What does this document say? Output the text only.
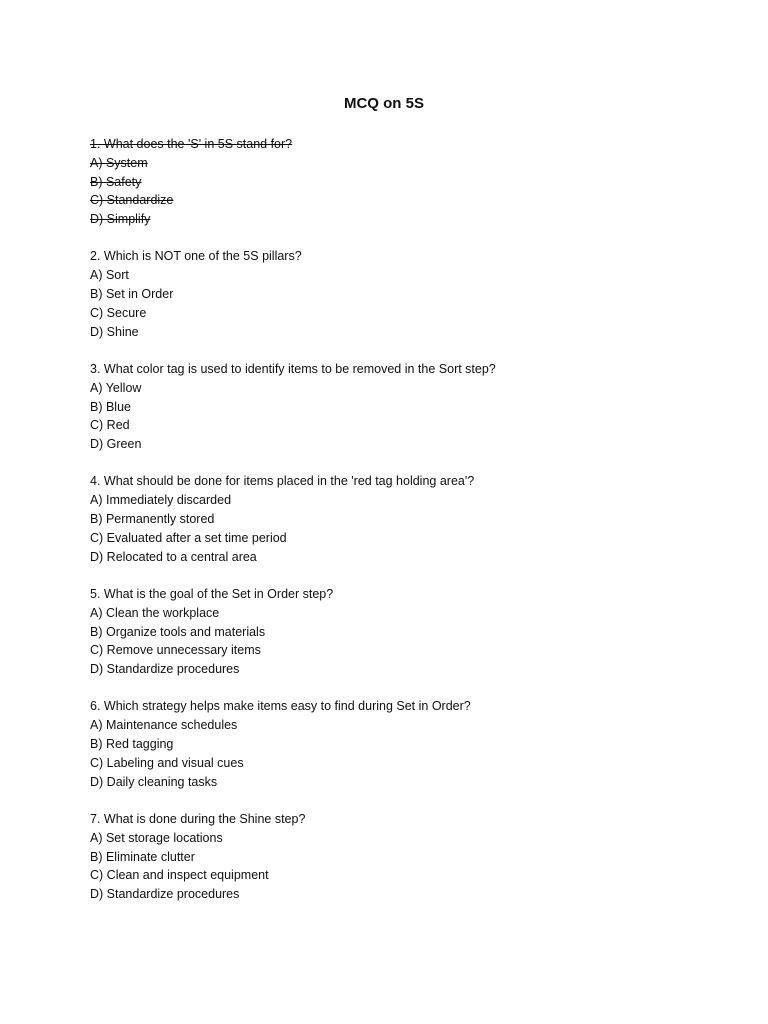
MCQ on 5S

1. What does the 'S' in 5S stand for?

A) System
B) Safety
C) Standardize
D) Simplify

2. Which is NOT one of the 5S pillars?

A) Sort
B) Set in Order
C) Secure
D) Shine

3. What color tag is used to identify items to be removed in the Sort step?

A) Yellow
B) Blue
C) Red
D) Green

4. What should be done for items placed in the 'red tag holding area'?

A) Immediately discarded
B) Permanently stored
C) Evaluated after a set time period
D) Relocated to a central area

5. What is the goal of the Set in Order step?

A) Clean the workplace
B) Organize tools and materials
C) Remove unnecessary items
D) Standardize procedures

6. Which strategy helps make items easy to find during Set in Order?

A) Maintenance schedules
B) Red tagging
C) Labeling and visual cues
D) Daily cleaning tasks

7. What is done during the Shine step?

A) Set storage locations
B) Eliminate clutter
C) Clean and inspect equipment
D) Standardize procedures
